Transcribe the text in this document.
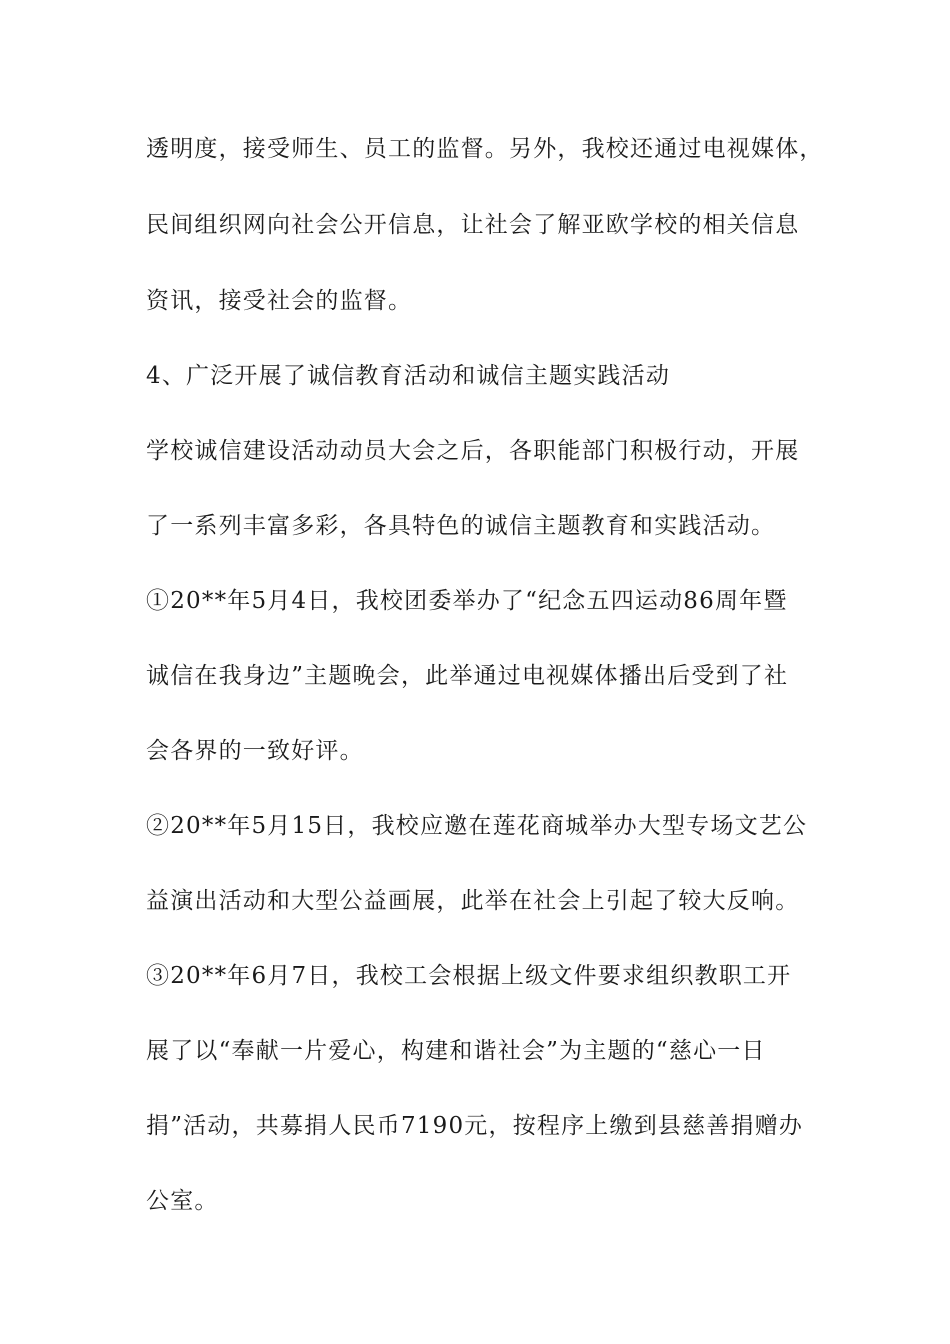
透明度，接受师生、员工的监督。另外，我校还通过电视媒体，
民间组织网向社会公开信息，让社会了解亚欧学校的相关信息
资讯，接受社会的监督。
4、广泛开展了诚信教育活动和诚信主题实践活动
学校诚信建设活动动员大会之后，各职能部门积极行动，开展
了一系列丰富多彩，各具特色的诚信主题教育和实践活动。
①20**年5月4日，我校团委举办了“纪念五四运动86周年暨
诚信在我身边”主题晚会，此举通过电视媒体播出后受到了社
会各界的一致好评。
②20**年5月15日，我校应邀在莲花商城举办大型专场文艺公
益演出活动和大型公益画展，此举在社会上引起了较大反响。
③20**年6月7日，我校工会根据上级文件要求组织教职工开
展了以“奉献一片爱心，构建和谐社会”为主题的“慈心一日
捐”活动，共募捐人民币7190元，按程序上缴到县慈善捐赠办
公室。
